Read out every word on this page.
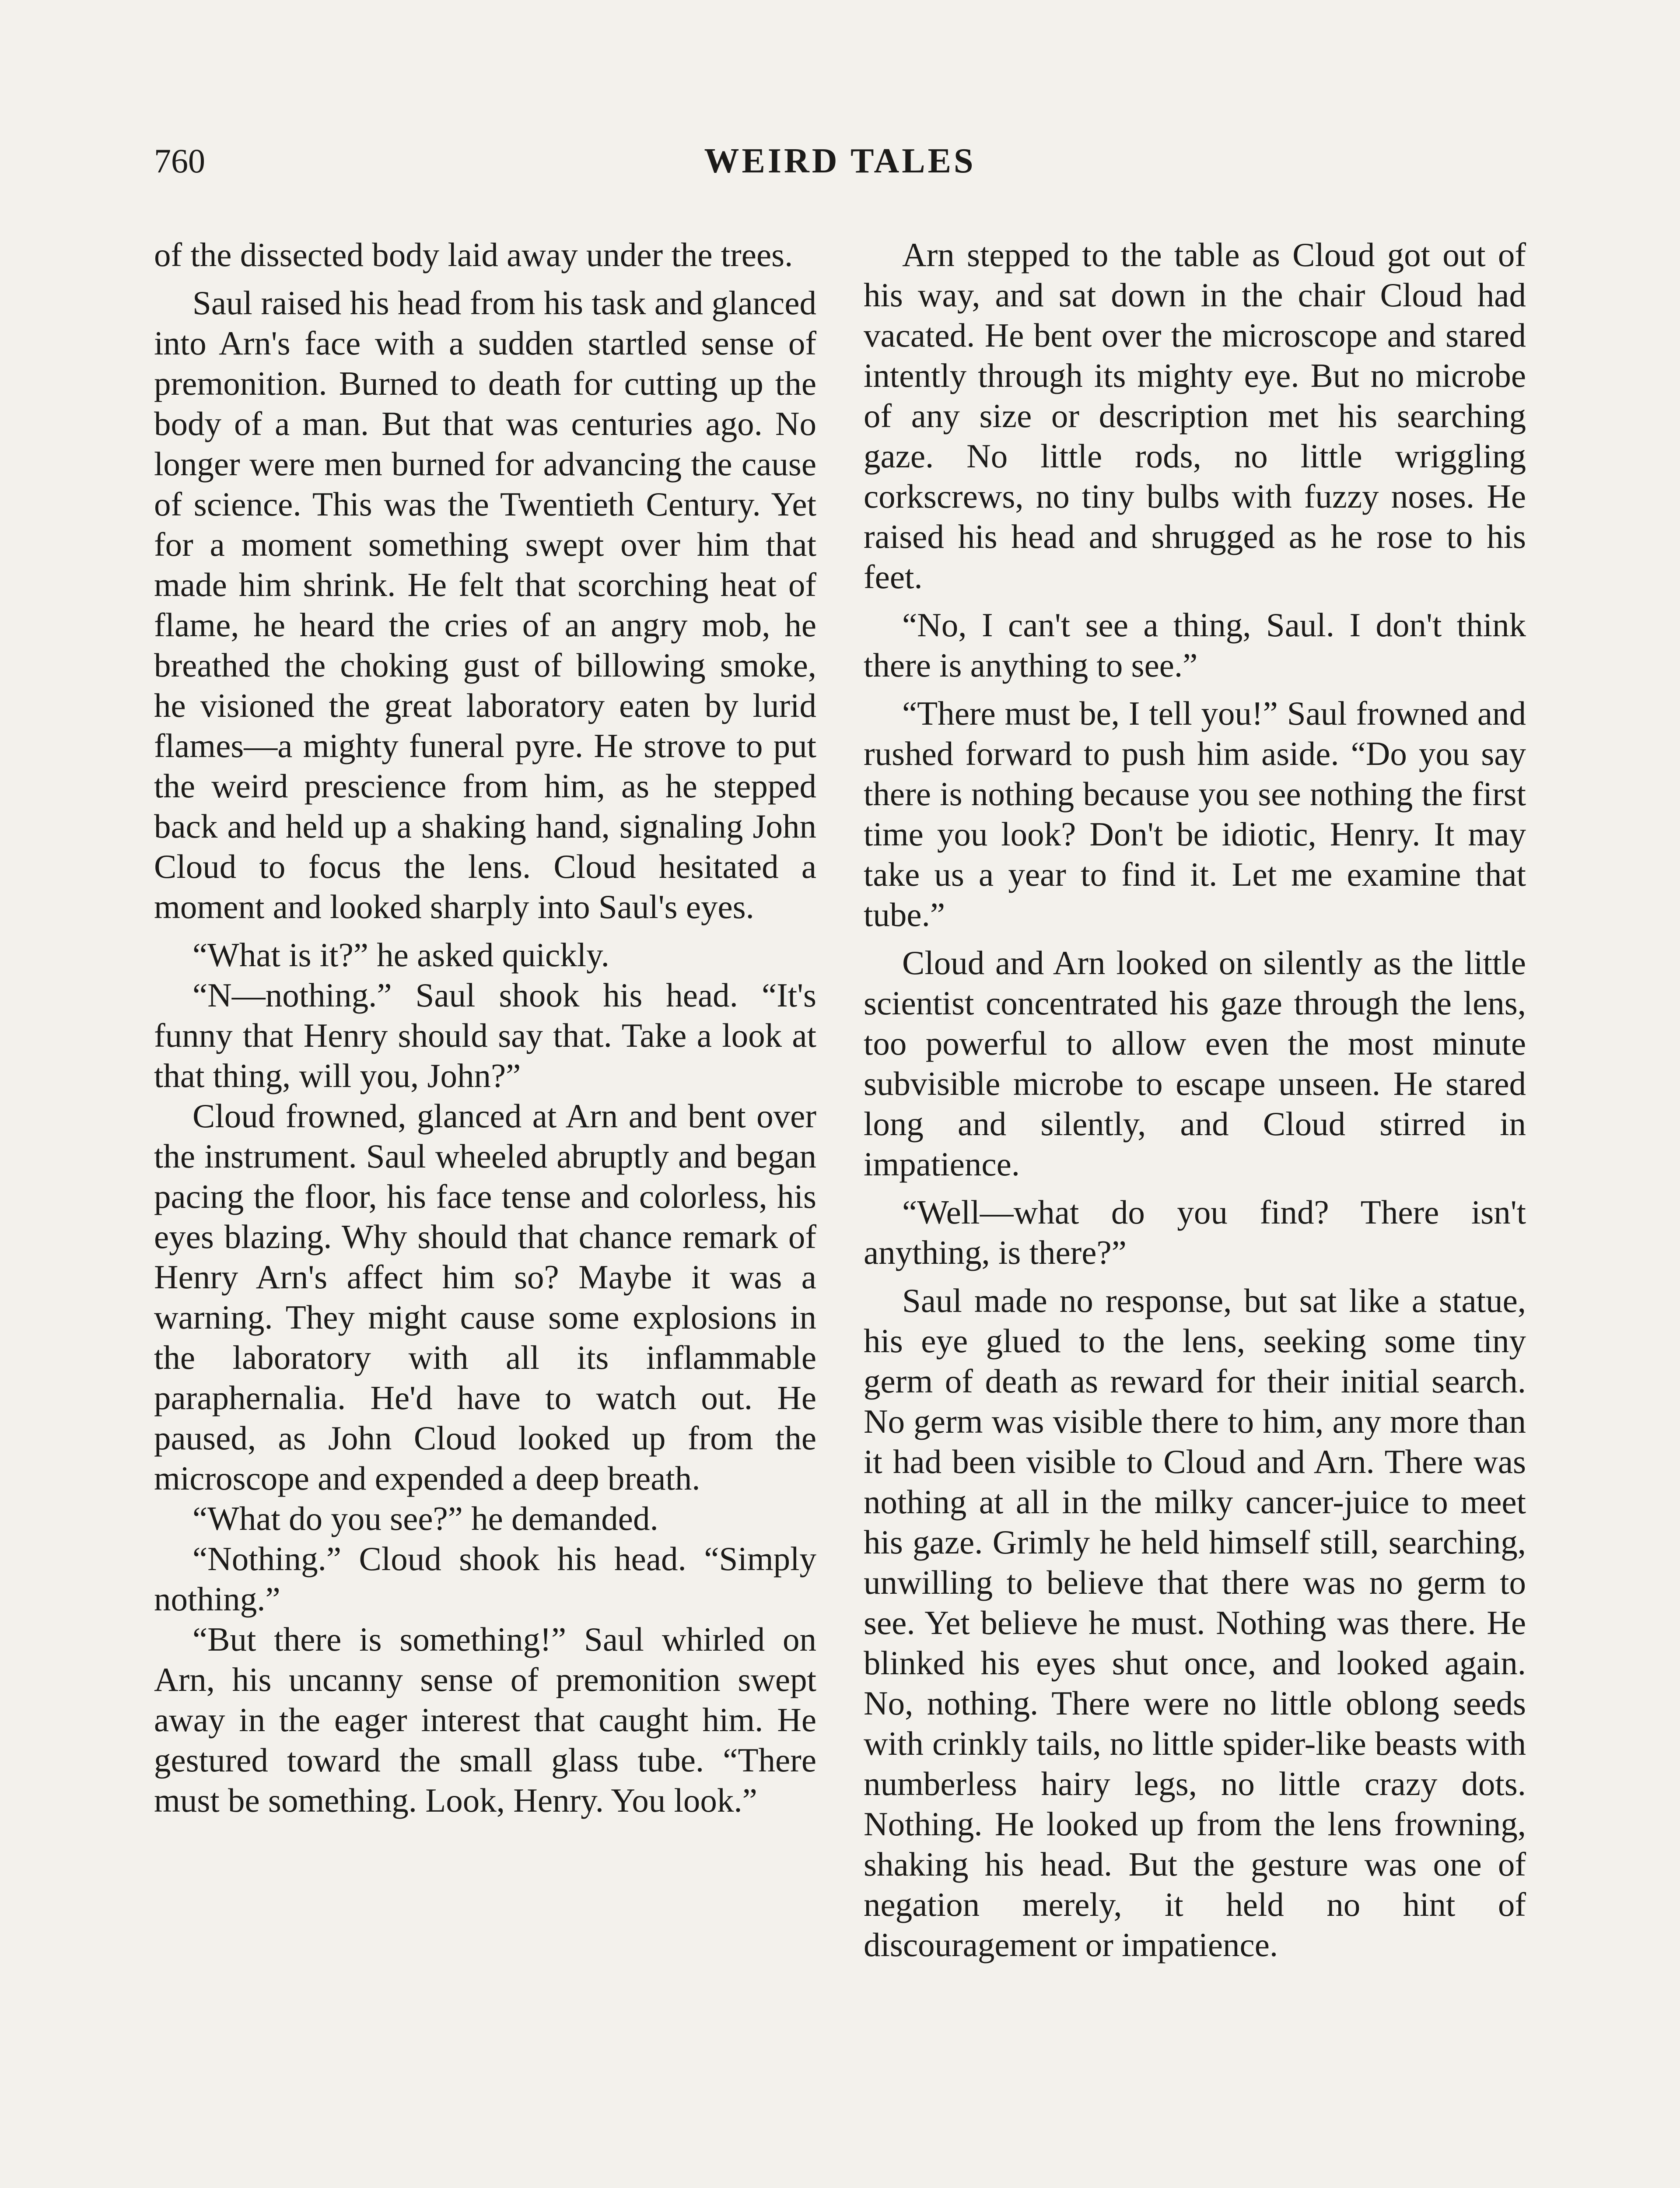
760	WEIRD TALES

of the dissected body laid away under the trees.

Saul raised his head from his task and glanced into Arn's face with a sudden startled sense of premonition. Burned to death for cutting up the body of a man. But that was centuries ago. No longer were men burned for advancing the cause of science. This was the Twentieth Century. Yet for a moment something swept over him that made him shrink. He felt that scorching heat of flame, he heard the cries of an angry mob, he breathed the choking gust of billowing smoke, he visioned the great laboratory eaten by lurid flames—a mighty funeral pyre. He strove to put the weird prescience from him, as he stepped back and held up a shaking hand, signaling John Cloud to focus the lens. Cloud hesitated a moment and looked sharply into Saul's eyes.

“What is it?” he asked quickly.

“N—nothing.” Saul shook his head. “It's funny that Henry should say that. Take a look at that thing, will you, John?”

Cloud frowned, glanced at Arn and bent over the instrument. Saul wheeled abruptly and began pacing the floor, his face tense and colorless, his eyes blazing. Why should that chance remark of Henry Arn's affect him so? Maybe it was a warning. They might cause some explosions in the laboratory with all its inflammable paraphernalia. He'd have to watch out. He paused, as John Cloud looked up from the microscope and expended a deep breath.

“What do you see?” he demanded.

“Nothing.” Cloud shook his head. “Simply nothing.”

“But there is something!” Saul whirled on Arn, his uncanny sense of premonition swept away in the eager interest that caught him. He gestured toward the small glass tube. “There must be something. Look, Henry. You look.”

Arn stepped to the table as Cloud got out of his way, and sat down in the chair Cloud had vacated. He bent over the microscope and stared intently through its mighty eye. But no microbe of any size or description met his searching gaze. No little rods, no little wriggling corkscrews, no tiny bulbs with fuzzy noses. He raised his head and shrugged as he rose to his feet.

“No, I can't see a thing, Saul. I don't think there is anything to see.”

“There must be, I tell you!” Saul frowned and rushed forward to push him aside. “Do you say there is nothing because you see nothing the first time you look? Don't be idiotic, Henry. It may take us a year to find it. Let me examine that tube.”

Cloud and Arn looked on silently as the little scientist concentrated his gaze through the lens, too powerful to allow even the most minute subvisible microbe to escape unseen. He stared long and silently, and Cloud stirred in impatience.

“Well—what do you find? There isn't anything, is there?”

Saul made no response, but sat like a statue, his eye glued to the lens, seeking some tiny germ of death as reward for their initial search. No germ was visible there to him, any more than it had been visible to Cloud and Arn. There was nothing at all in the milky cancer-juice to meet his gaze. Grimly he held himself still, searching, unwilling to believe that there was no germ to see. Yet believe he must. Nothing was there. He blinked his eyes shut once, and looked again. No, nothing. There were no little oblong seeds with crinkly tails, no little spider-like beasts with numberless hairy legs, no little crazy dots. Nothing. He looked up from the lens frowning, shaking his head. But the gesture was one of negation merely, it held no hint of discouragement or impatience.
